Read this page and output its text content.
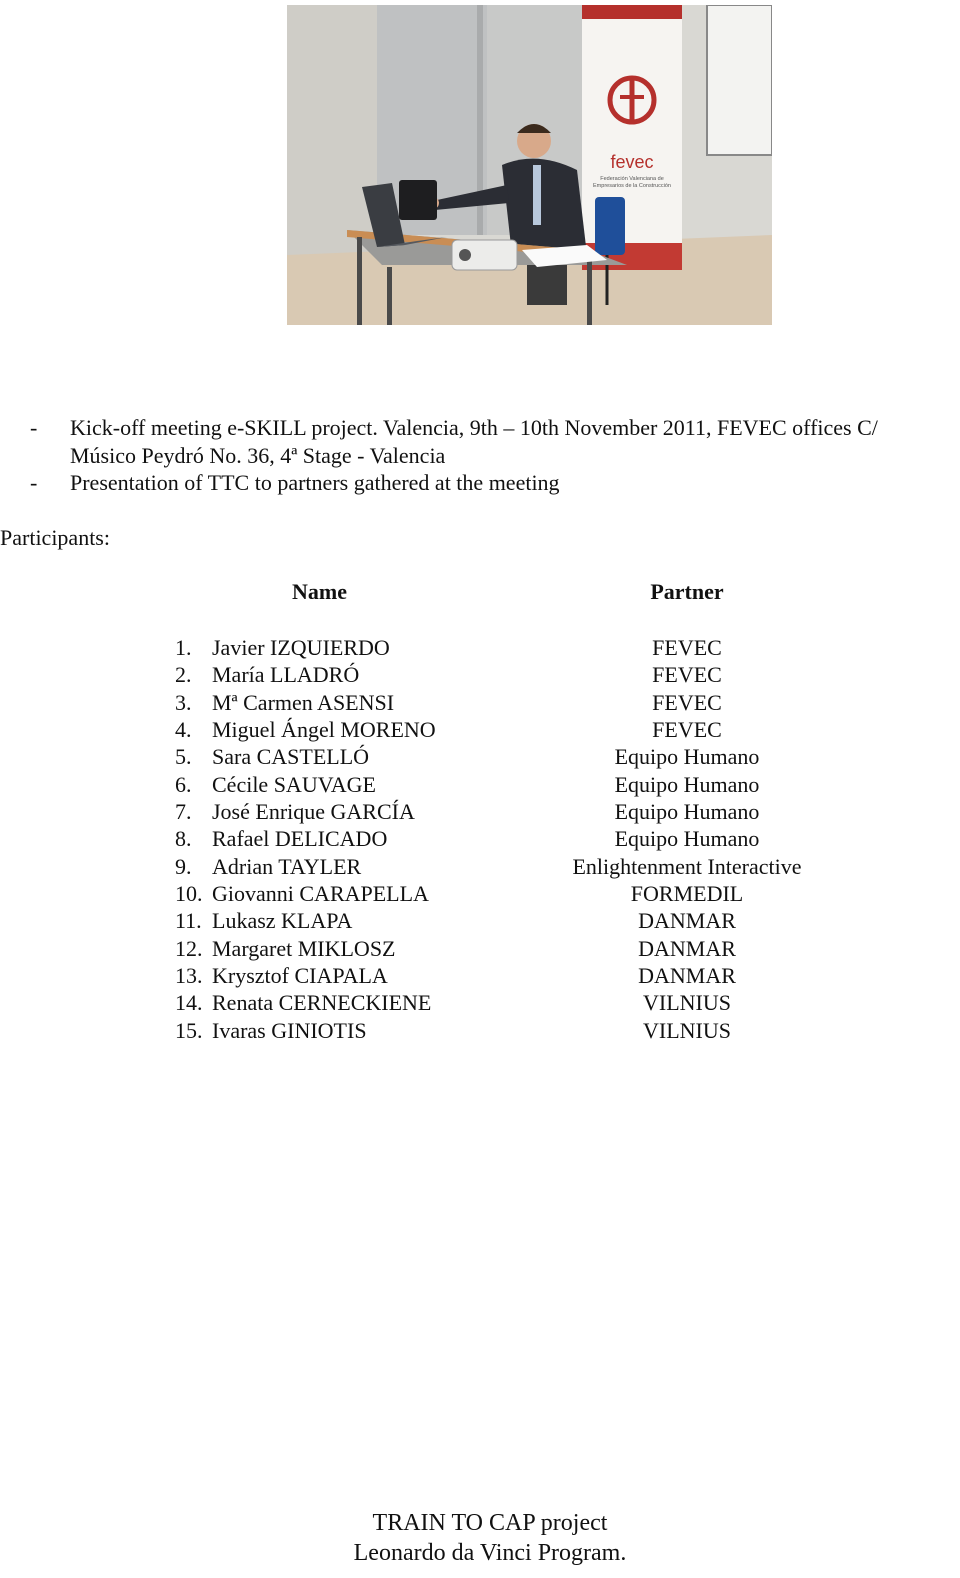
fevec
Federación Valenciana de
Empresarios de la Construcción
- Kick-off meeting e-SKILL project. Valencia, 9th – 10th November 2011, FEVEC offices C/
Músico Peydró No. 36, 4ª Stage - Valencia
- Presentation of TTC to partners gathered at the meeting
Participants:
Name	Partner
1. Javier IZQUIERDO	FEVEC
2. María LLADRÓ	FEVEC
3. Mª Carmen ASENSI	FEVEC
4. Miguel Ángel MORENO	FEVEC
5. Sara CASTELLÓ	Equipo Humano
6. Cécile SAUVAGE	Equipo Humano
7. José Enrique GARCÍA	Equipo Humano
8. Rafael DELICADO	Equipo Humano
9. Adrian TAYLER	Enlightenment Interactive
10. Giovanni CARAPELLA	FORMEDIL
11. Lukasz KLAPA	DANMAR
12. Margaret MIKLOSZ	DANMAR
13. Krysztof CIAPALA	DANMAR
14. Renata CERNECKIENE	VILNIUS
15. Ivaras GINIOTIS	VILNIUS
TRAIN TO CAP project
Leonardo da Vinci Program.
